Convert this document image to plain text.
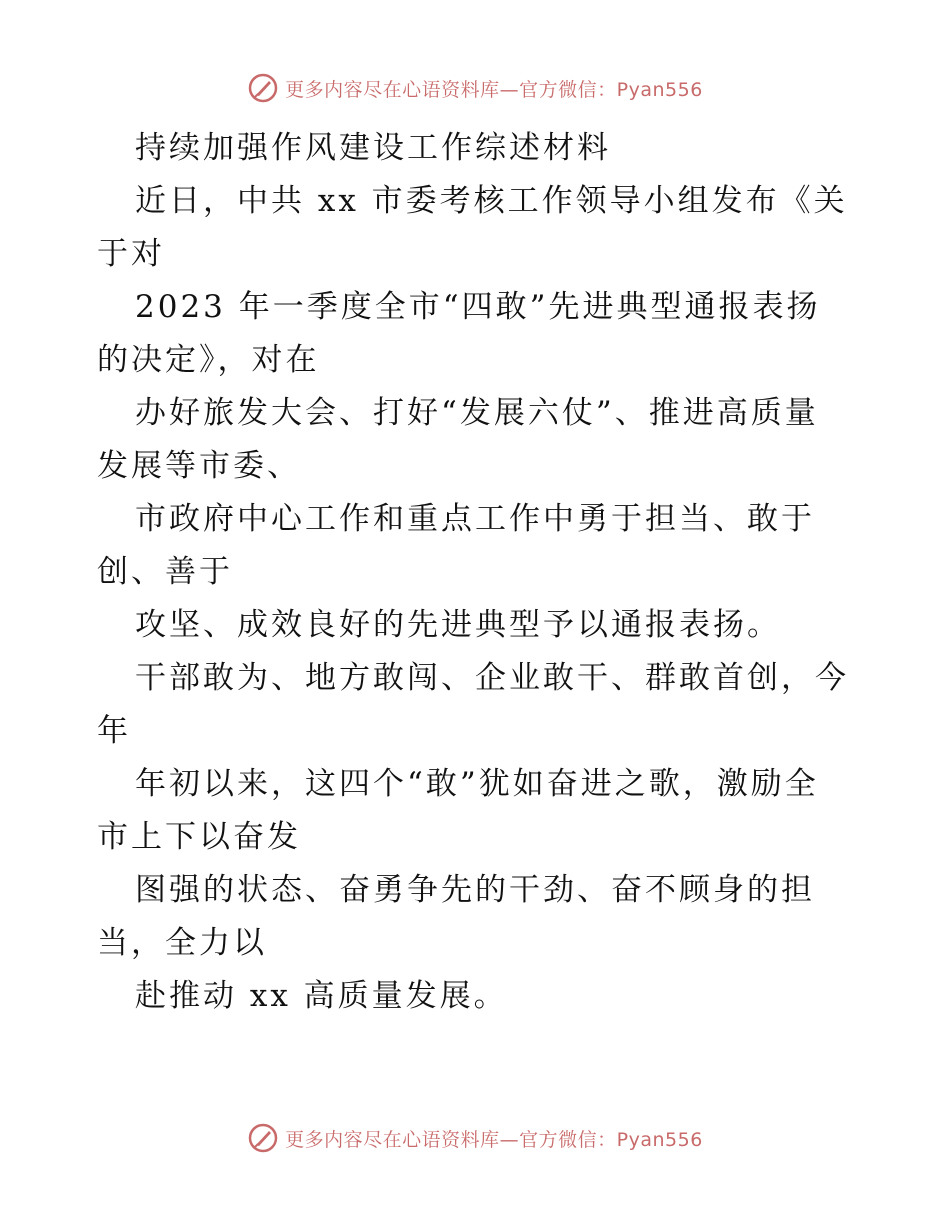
更多内容尽在心语资料库—官方微信：Pyan556
持续加强作风建设工作综述材料
近日，中共 xx 市委考核工作领导小组发布《关
于对
2023 年一季度全市“四敢”先进典型通报表扬
的决定》，对在
办好旅发大会、打好“发展六仗”、推进高质量
发展等市委、
市政府中心工作和重点工作中勇于担当、敢于
创、善于
攻坚、成效良好的先进典型予以通报表扬。
干部敢为、地方敢闯、企业敢干、群敢首创，今
年
年初以来，这四个“敢”犹如奋进之歌，激励全
市上下以奋发
图强的状态、奋勇争先的干劲、奋不顾身的担
当，全力以
赴推动 xx 高质量发展。
更多内容尽在心语资料库—官方微信：Pyan556
